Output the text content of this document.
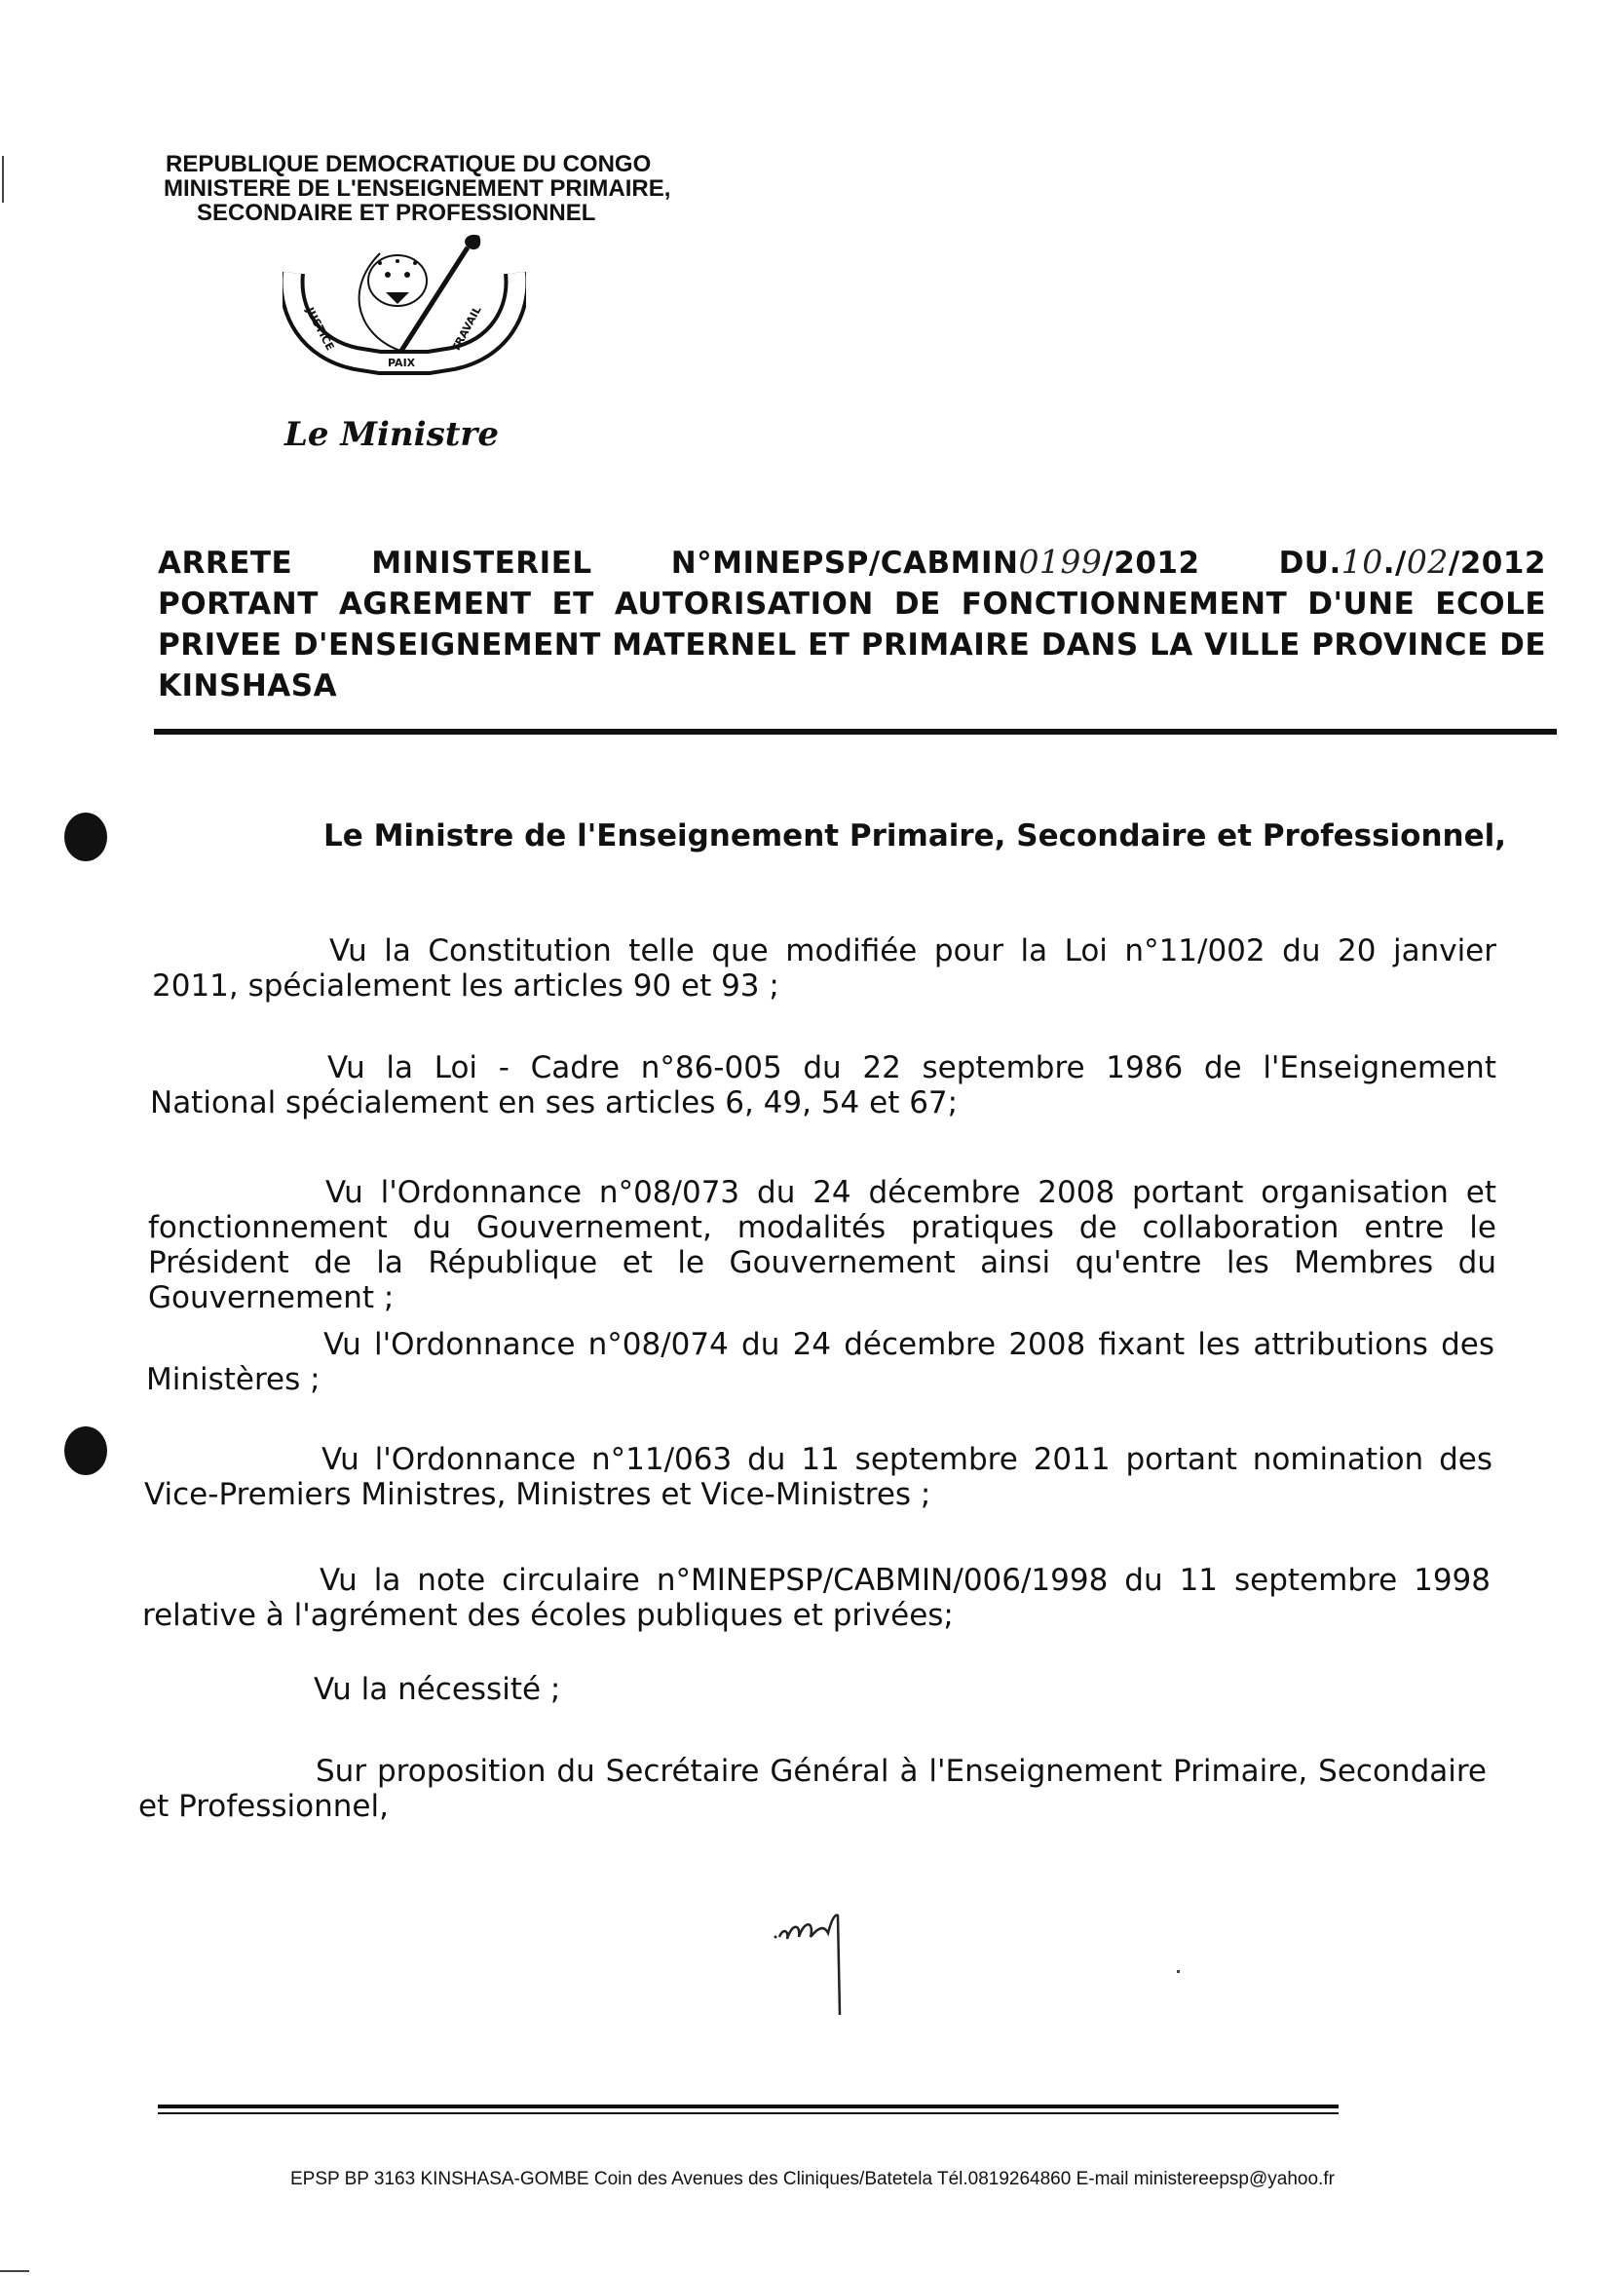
REPUBLIQUE DEMOCRATIQUE DU CONGO
MINISTERE DE L'ENSEIGNEMENT PRIMAIRE,
SECONDAIRE ET PROFESSIONNEL
JUSTICE
PAIX
TRAVAIL
Le Ministre
ARRETE	MINISTERIEL	N°MINEPSP/CABMIN0199/2012	DU.10./02/2012
PORTANT AGREMENT ET AUTORISATION DE FONCTIONNEMENT D'UNE ECOLE PRIVEE D'ENSEIGNEMENT MATERNEL ET PRIMAIRE DANS LA VILLE PROVINCE DE KINSHASA
Le Ministre de l'Enseignement Primaire, Secondaire et Professionnel,
Vu la Constitution telle que modifiée pour la Loi n°11/002 du 20 janvier 2011, spécialement les articles 90 et 93 ;
Vu la Loi - Cadre n°86-005 du 22 septembre 1986 de l'Enseignement National spécialement en ses articles 6, 49, 54 et 67;
Vu l'Ordonnance n°08/073 du 24 décembre 2008 portant organisation et fonctionnement du Gouvernement, modalités pratiques de collaboration entre le Président de la République et le Gouvernement ainsi qu'entre les Membres du Gouvernement ;
Vu l'Ordonnance n°08/074 du 24 décembre 2008 fixant les attributions des Ministères ;
Vu l'Ordonnance n°11/063 du 11 septembre 2011 portant nomination des Vice-Premiers Ministres, Ministres et Vice-Ministres ;
Vu la note circulaire n°MINEPSP/CABMIN/006/1998 du 11 septembre 1998 relative à l'agrément des écoles publiques et privées;
Vu la nécessité ;
Sur proposition du Secrétaire Général à l'Enseignement Primaire, Secondaire et Professionnel,
EPSP BP 3163 KINSHASA-GOMBE Coin des Avenues des Cliniques/Batetela Tél.0819264860 E-mail ministereepsp@yahoo.fr
